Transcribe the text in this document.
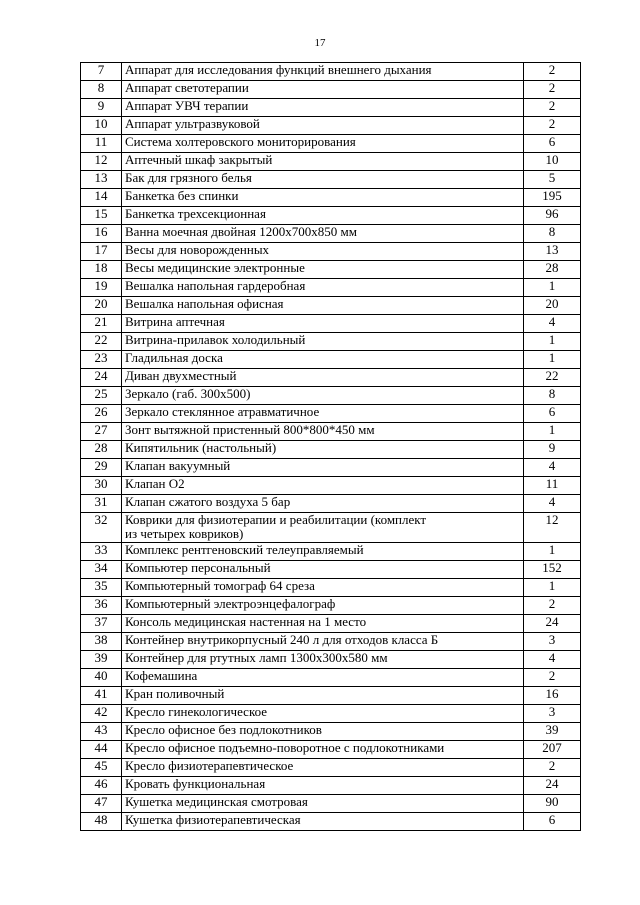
17
7	Аппарат для исследования функций внешнего дыхания	2
8	Аппарат светотерапии	2
9	Аппарат УВЧ терапии	2
10	Аппарат ультразвуковой	2
11	Система холтеровского мониторирования	6
12	Аптечный шкаф закрытый	10
13	Бак для грязного белья	5
14	Банкетка без спинки	195
15	Банкетка трехсекционная	96
16	Ванна моечная двойная 1200х700х850 мм	8
17	Весы для новорожденных	13
18	Весы медицинские электронные	28
19	Вешалка напольная гардеробная	1
20	Вешалка напольная офисная	20
21	Витрина аптечная	4
22	Витрина-прилавок холодильный	1
23	Гладильная доска	1
24	Диван двухместный	22
25	Зеркало (габ. 300х500)	8
26	Зеркало стеклянное атравматичное	6
27	Зонт вытяжной пристенный 800*800*450 мм	1
28	Кипятильник (настольный)	9
29	Клапан вакуумный	4
30	Клапан О2	11
31	Клапан сжатого воздуха 5 бар	4
32	Коврики для физиотерапии и реабилитации (комплект
из четырех ковриков)	12
33	Комплекс рентгеновский телеуправляемый	1
34	Компьютер персональный	152
35	Компьютерный томограф 64 среза	1
36	Компьютерный электроэнцефалограф	2
37	Консоль медицинская настенная на 1 место	24
38	Контейнер внутрикорпусный 240 л для отходов класса Б	3
39	Контейнер для ртутных ламп 1300х300х580 мм	4
40	Кофемашина	2
41	Кран поливочный	16
42	Кресло гинекологическое	3
43	Кресло офисное без подлокотников	39
44	Кресло офисное подъемно-поворотное с подлокотниками	207
45	Кресло физиотерапевтическое	2
46	Кровать функциональная	24
47	Кушетка медицинская смотровая	90
48	Кушетка физиотерапевтическая	6
